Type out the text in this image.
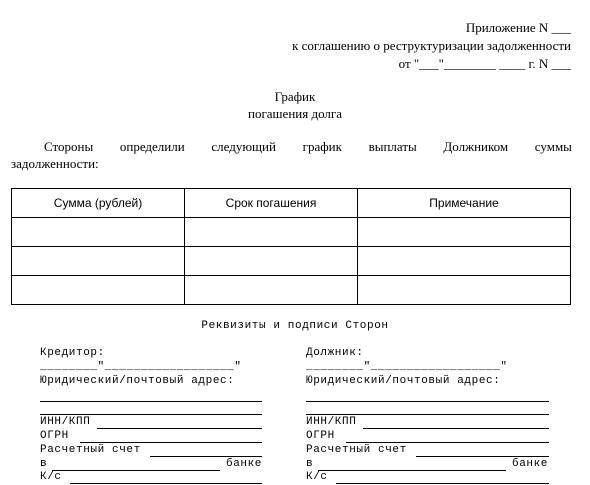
Приложение N ___
к соглашению о реструктуризации задолженности
от "___"________ ____ г. N ___
График
погашения долга
Стороны определили следующий график выплаты Должником суммы
задолженности:
Сумма (рублей)	Срок погашения	Примечание

Реквизиты и подписи Сторон
Кредитор:
________"__________________"
Юридический/почтовый адрес:
ИНН/КПП
ОГРН
Расчетный счет
в	банке
К/с
Должник:
________"__________________"
Юридический/почтовый адрес:
ИНН/КПП
ОГРН
Расчетный счет
в	банке
К/с
